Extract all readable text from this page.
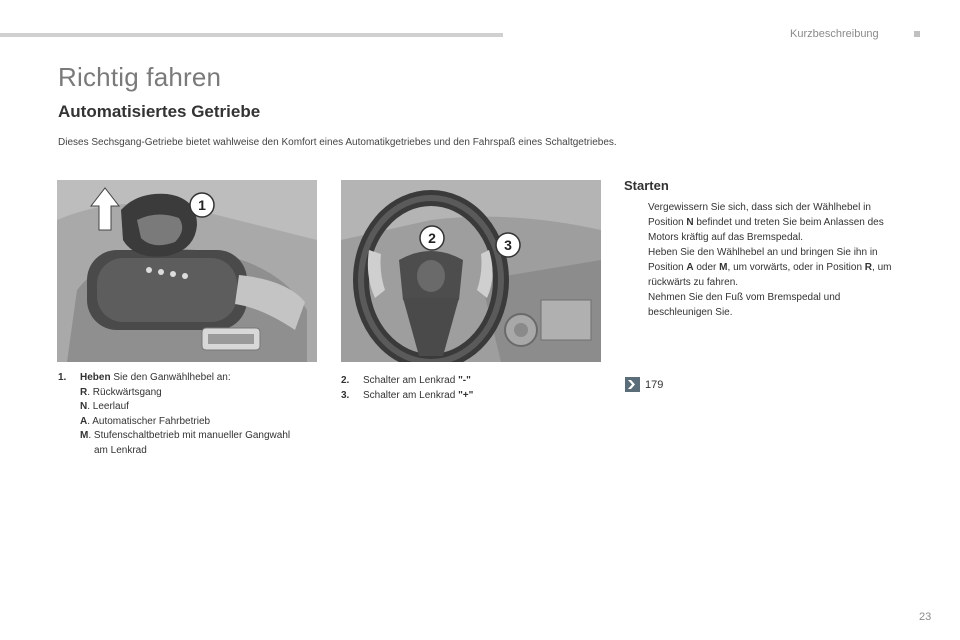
Kurzbeschreibung
Richtig fahren
Automatisiertes Getriebe

Dieses Sechsgang-Getriebe bietet wahlweise den Komfort eines Automatikgetriebes und den Fahrspaß eines Schaltgetriebes.

1
2	3
1. Heben Sie den Ganwählhebel an:
R. Rückwärtsgang
N. Leerlauf
A. Automatischer Fahrbetrieb
M. Stufenschaltbetrieb mit manueller Gangwahl
am Lenkrad
2. Schalter am Lenkrad "-"
3. Schalter am Lenkrad "+"
Starten
Vergewissern Sie sich, dass sich der Wählhebel in Position N befindet und treten Sie beim Anlassen des Motors kräftig auf das Bremspedal.
Heben Sie den Wählhebel an und bringen Sie ihn in Position A oder M, um vorwärts, oder in Position R, um rückwärts zu fahren.
Nehmen Sie den Fuß vom Bremspedal und beschleunigen Sie.
179
23
